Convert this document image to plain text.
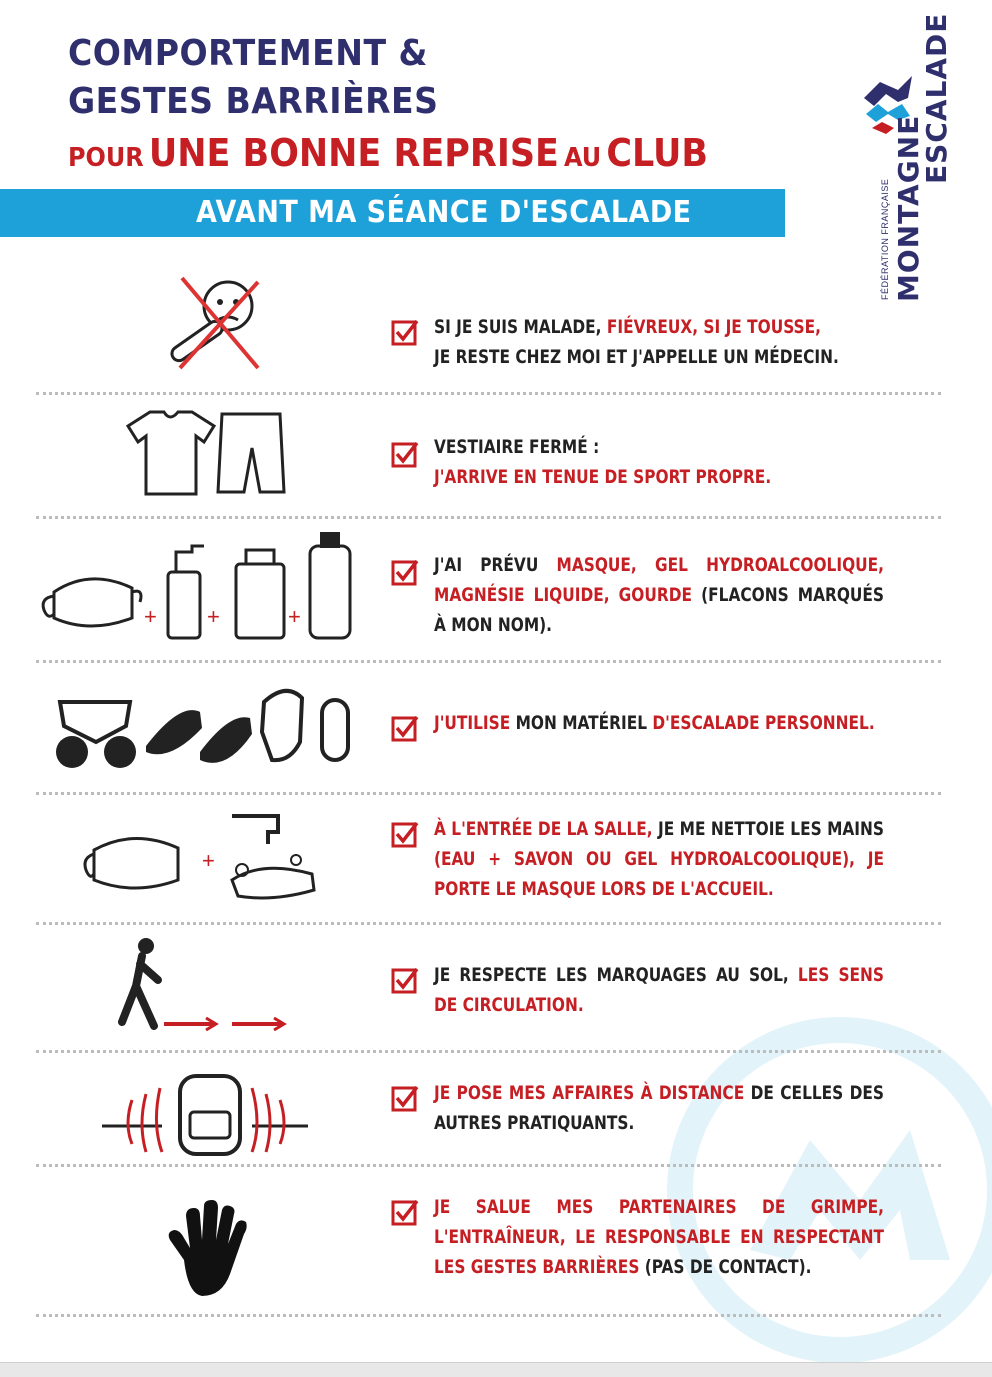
COMPORTEMENT &
GESTES BARRIÈRES
POUR UNE BONNE REPRISE AU CLUB
AVANT MA SÉANCE D'ESCALADE	FÉDÉRATION FRANÇAISE MONTAGNE
ESCALADE
SI JE SUIS MALADE, FIÉVREUX, SI JE TOUSSE,
JE RESTE CHEZ MOI ET J'APPELLE UN MÉDECIN.
VESTIAIRE FERMÉ :
J'ARRIVE EN TENUE DE SPORT PROPRE.
+ +	+
J'AI PRÉVU MASQUE, GEL HYDROALCOOLIQUE, MAGNÉSIE LIQUIDE, GOURDE (FLACONS MARQUÉS À MON NOM).
J'UTILISE MON MATÉRIEL D'ESCALADE PERSONNEL.
+
À L'ENTRÉE DE LA SALLE, JE ME NETTOIE LES MAINS (EAU + SAVON OU GEL HYDROALCOOLIQUE), JE PORTE LE MASQUE LORS DE L'ACCUEIL.
JE RESPECTE LES MARQUAGES AU SOL, LES SENS DE CIRCULATION.
JE POSE MES AFFAIRES À DISTANCE DE CELLES DES AUTRES PRATIQUANTS.
JE SALUE MES PARTENAIRES DE GRIMPE, L'ENTRAÎNEUR, LE RESPONSABLE EN RESPECTANT LES GESTES BARRIÈRES (PAS DE CONTACT).
